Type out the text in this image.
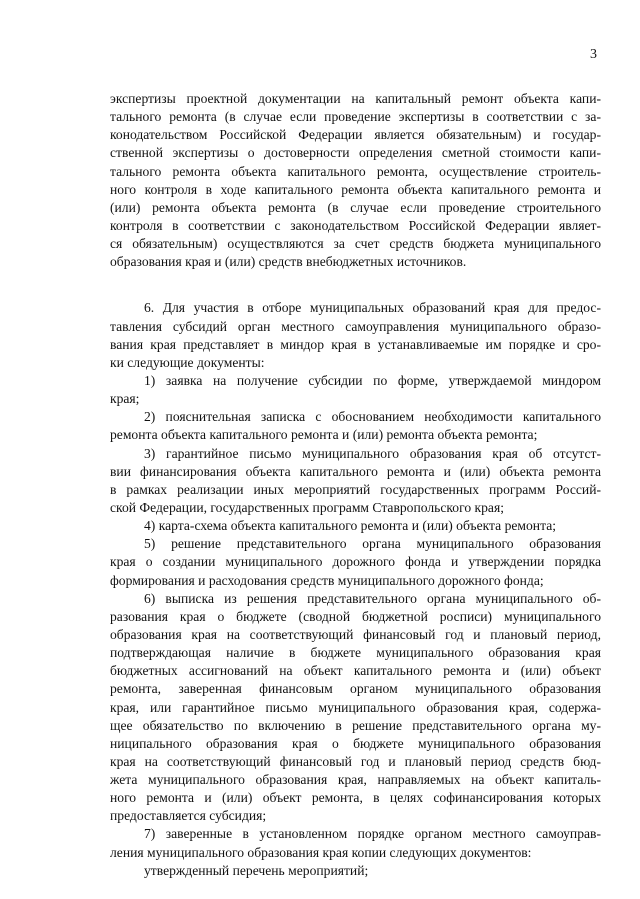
3
экспертизы проектной документации на капитальный ремонт объекта капи-
тального ремонта (в случае если проведение экспертизы в соответствии с за-
конодательством Российской Федерации является обязательным) и государ-
ственной экспертизы о достоверности определения сметной стоимости капи-
тального ремонта объекта капитального ремонта, осуществление строитель-
ного контроля в ходе капитального ремонта объекта капитального ремонта и
(или) ремонта объекта ремонта (в случае если проведение строительного
контроля в соответствии с законодательством Российской Федерации являет-
ся обязательным) осуществляются за счет средств бюджета муниципального
образования края и (или) средств внебюджетных источников.
6. Для участия в отборе муниципальных образований края для предос-
тавления субсидий орган местного самоуправления муниципального образо-
вания края представляет в миндор края в устанавливаемые им порядке и сро-
ки следующие документы:
1) заявка на получение субсидии по форме, утверждаемой миндором
края;
2) пояснительная записка с обоснованием необходимости капитального
ремонта объекта капитального ремонта и (или) ремонта объекта ремонта;
3) гарантийное письмо муниципального образования края об отсутст-
вии финансирования объекта капитального ремонта и (или) объекта ремонта
в рамках реализации иных мероприятий государственных программ Россий-
ской Федерации, государственных программ Ставропольского края;
4) карта-схема объекта капитального ремонта и (или) объекта ремонта;
5) решение представительного органа муниципального образования
края о создании муниципального дорожного фонда и утверждении порядка
формирования и расходования средств муниципального дорожного фонда;
6) выписка из решения представительного органа муниципального об-
разования края о бюджете (сводной бюджетной росписи) муниципального
образования края на соответствующий финансовый год и плановый период,
подтверждающая наличие в бюджете муниципального образования края
бюджетных ассигнований на объект капитального ремонта и (или) объект
ремонта, заверенная финансовым органом муниципального образования
края, или гарантийное письмо муниципального образования края, содержа-
щее обязательство по включению в решение представительного органа му-
ниципального образования края о бюджете муниципального образования
края на соответствующий финансовый год и плановый период средств бюд-
жета муниципального образования края, направляемых на объект капиталь-
ного ремонта и (или) объект ремонта, в целях софинансирования которых
предоставляется субсидия;
7) заверенные в установленном порядке органом местного самоуправ-
ления муниципального образования края копии следующих документов:
утвержденный перечень мероприятий;
